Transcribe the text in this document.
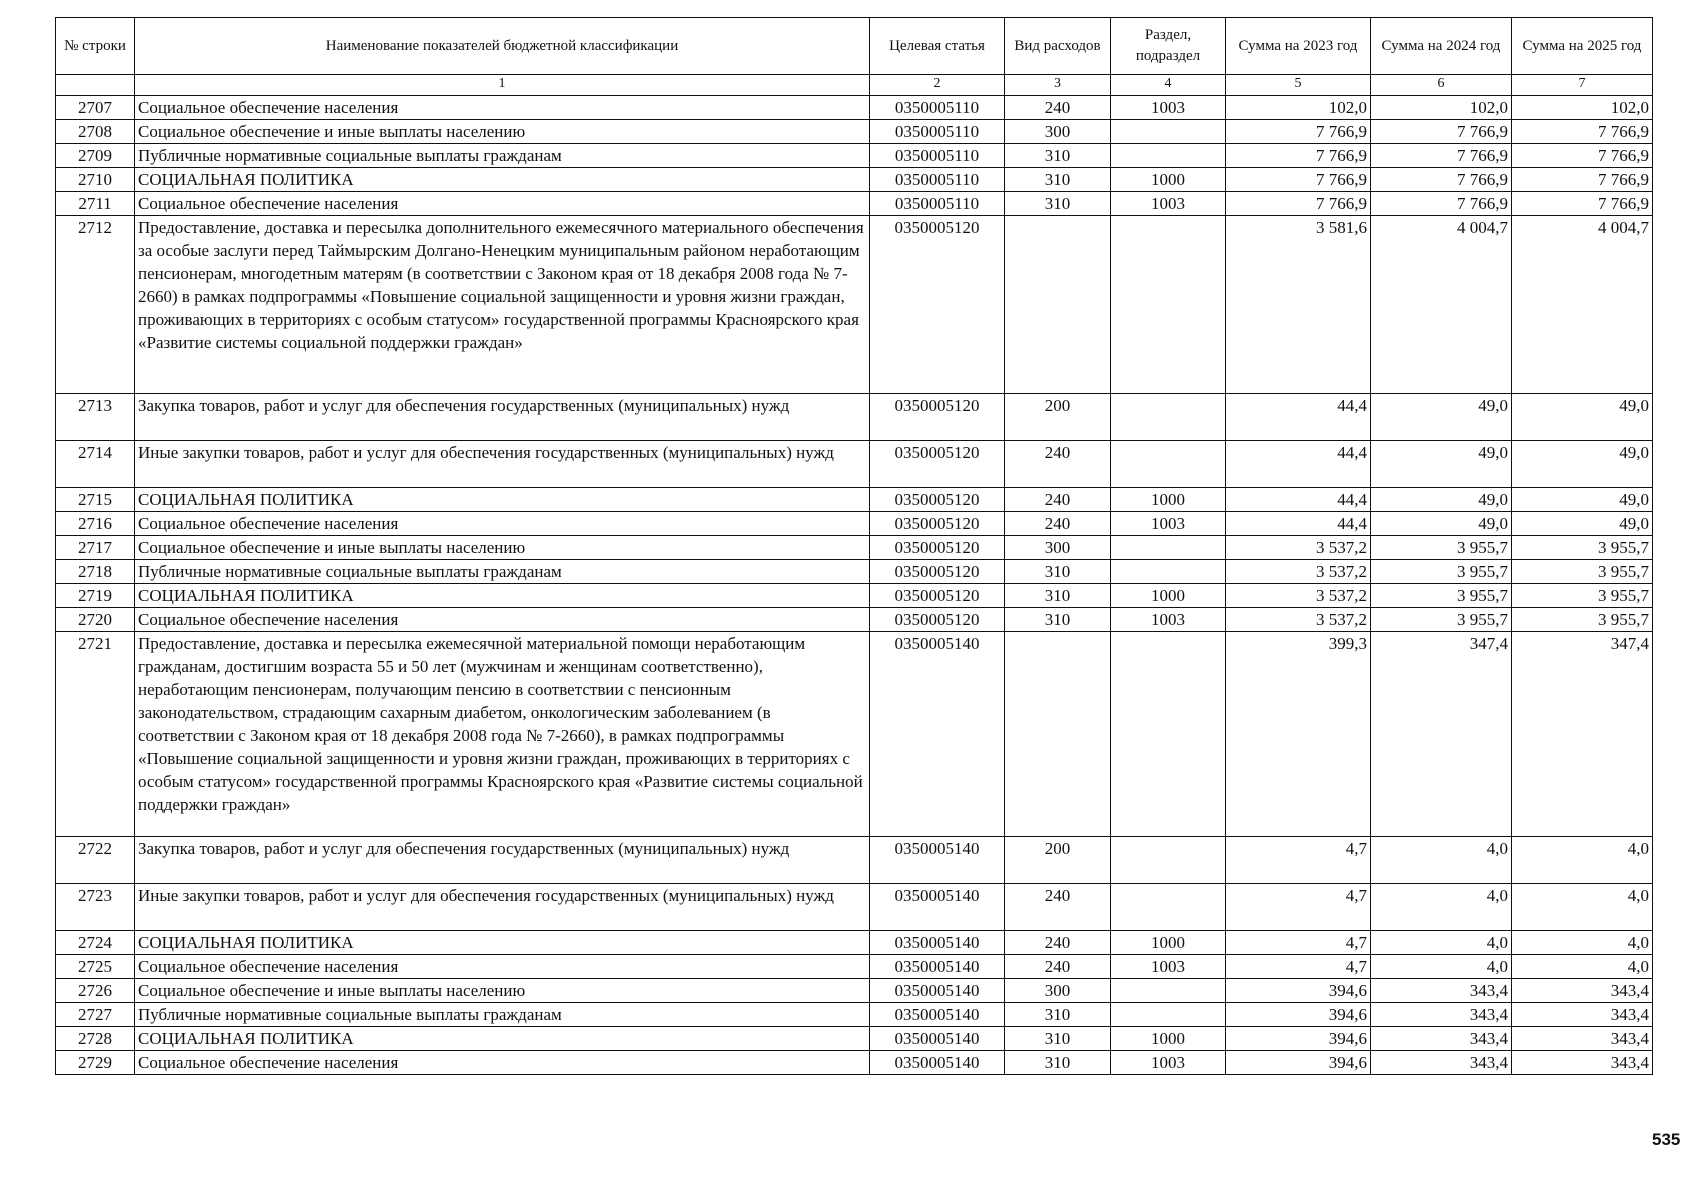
№ строки	Наименование показателей бюджетной классификации	Целевая статья	Вид расходов	Раздел, подраздел	Сумма на 2023 год	Сумма на 2024 год	Сумма на 2025 год
	1	2	3	4	5	6	7
2707	Социальное обеспечение населения	0350005110	240	1003	102,0	102,0	102,0
2708	Социальное обеспечение и иные выплаты населению	0350005110	300		7 766,9	7 766,9	7 766,9
2709	Публичные нормативные социальные выплаты гражданам	0350005110	310		7 766,9	7 766,9	7 766,9
2710	СОЦИАЛЬНАЯ ПОЛИТИКА	0350005110	310	1000	7 766,9	7 766,9	7 766,9
2711	Социальное обеспечение населения	0350005110	310	1003	7 766,9	7 766,9	7 766,9
2712	Предоставление, доставка и пересылка дополнительного ежемесячного материального обеспечения за особые заслуги перед Таймырским Долгано-Ненецким муниципальным районом неработающим пенсионерам, многодетным матерям (в соответствии с Законом края от 18 декабря 2008 года № 7-2660) в рамках подпрограммы «Повышение социальной защищенности и уровня жизни граждан, проживающих в территориях с особым статусом» государственной программы Красноярского края «Развитие системы социальной поддержки граждан»	0350005120			3 581,6	4 004,7	4 004,7
2713	Закупка товаров, работ и услуг для обеспечения государственных (муниципальных) нужд	0350005120	200		44,4	49,0	49,0
2714	Иные закупки товаров, работ и услуг для обеспечения государственных (муниципальных) нужд	0350005120	240		44,4	49,0	49,0
2715	СОЦИАЛЬНАЯ ПОЛИТИКА	0350005120	240	1000	44,4	49,0	49,0
2716	Социальное обеспечение населения	0350005120	240	1003	44,4	49,0	49,0
2717	Социальное обеспечение и иные выплаты населению	0350005120	300		3 537,2	3 955,7	3 955,7
2718	Публичные нормативные социальные выплаты гражданам	0350005120	310		3 537,2	3 955,7	3 955,7
2719	СОЦИАЛЬНАЯ ПОЛИТИКА	0350005120	310	1000	3 537,2	3 955,7	3 955,7
2720	Социальное обеспечение населения	0350005120	310	1003	3 537,2	3 955,7	3 955,7
2721	Предоставление, доставка и пересылка ежемесячной материальной помощи неработающим гражданам, достигшим возраста 55 и 50 лет (мужчинам и женщинам соответственно), неработающим пенсионерам, получающим пенсию в соответствии с пенсионным законодательством, страдающим сахарным диабетом, онкологическим заболеванием (в соответствии с Законом края от 18 декабря 2008 года № 7-2660), в рамках подпрограммы «Повышение социальной защищенности и уровня жизни граждан, проживающих в территориях с особым статусом» государственной программы Красноярского края «Развитие системы социальной поддержки граждан»	0350005140			399,3	347,4	347,4
2722	Закупка товаров, работ и услуг для обеспечения государственных (муниципальных) нужд	0350005140	200		4,7	4,0	4,0
2723	Иные закупки товаров, работ и услуг для обеспечения государственных (муниципальных) нужд	0350005140	240		4,7	4,0	4,0
2724	СОЦИАЛЬНАЯ ПОЛИТИКА	0350005140	240	1000	4,7	4,0	4,0
2725	Социальное обеспечение населения	0350005140	240	1003	4,7	4,0	4,0
2726	Социальное обеспечение и иные выплаты населению	0350005140	300		394,6	343,4	343,4
2727	Публичные нормативные социальные выплаты гражданам	0350005140	310		394,6	343,4	343,4
2728	СОЦИАЛЬНАЯ ПОЛИТИКА	0350005140	310	1000	394,6	343,4	343,4
2729	Социальное обеспечение населения	0350005140	310	1003	394,6	343,4	343,4
535
